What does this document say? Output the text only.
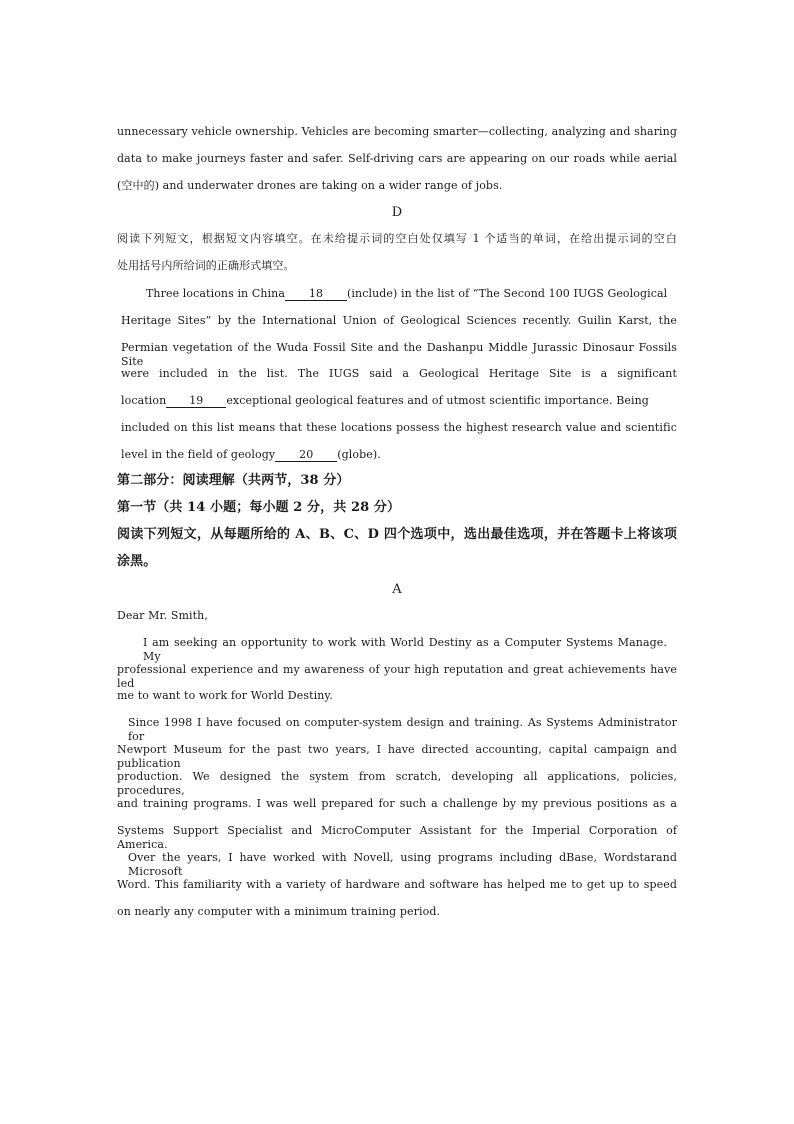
unnecessary vehicle ownership. Vehicles are becoming smarter—collecting, analyzing and sharing
data to make journeys faster and safer. Self-driving cars are appearing on our roads while aerial
(空中的) and underwater drones are taking on a wider range of jobs.
D
阅读下列短文，根据短文内容填空。在未给提示词的空白处仅填写 1 个适当的单词，在给出提示词的空白
处用括号内所给词的正确形式填空。
Three locations in China 18 (include) in the list of “The Second 100 IUGS Geological
Heritage Sites” by the International Union of Geological Sciences recently. Guilin Karst, the
Permian vegetation of the Wuda Fossil Site and the Dashanpu Middle Jurassic Dinosaur Fossils Site
were included in the list. The IUGS said a Geological Heritage Site is a significant
location 19 exceptional geological features and of utmost scientific importance. Being
included on this list means that these locations possess the highest research value and scientific
level in the field of geology 20 (globe).
第二部分：阅读理解（共两节，38 分）
第一节（共 14 小题；每小题 2 分，共 28 分）
阅读下列短文，从每题所给的 A、B、C、D 四个选项中，选出最佳选项，并在答题卡上将该项
涂黑。
A
Dear Mr. Smith,
I am seeking an opportunity to work with World Destiny as a Computer Systems Manage. My
professional experience and my awareness of your high reputation and great achievements have led
me to want to work for World Destiny.
Since 1998 I have focused on computer-system design and training. As Systems Administrator for
Newport Museum for the past two years, I have directed accounting, capital campaign and publication
production. We designed the system from scratch, developing all applications, policies, procedures,
and training programs. I was well prepared for such a challenge by my previous positions as a
Systems Support Specialist and MicroComputer Assistant for the Imperial Corporation of America.
Over the years, I have worked with Novell, using programs including dBase, Wordstarand Microsoft
Word. This familiarity with a variety of hardware and software has helped me to get up to speed
on nearly any computer with a minimum training period.
